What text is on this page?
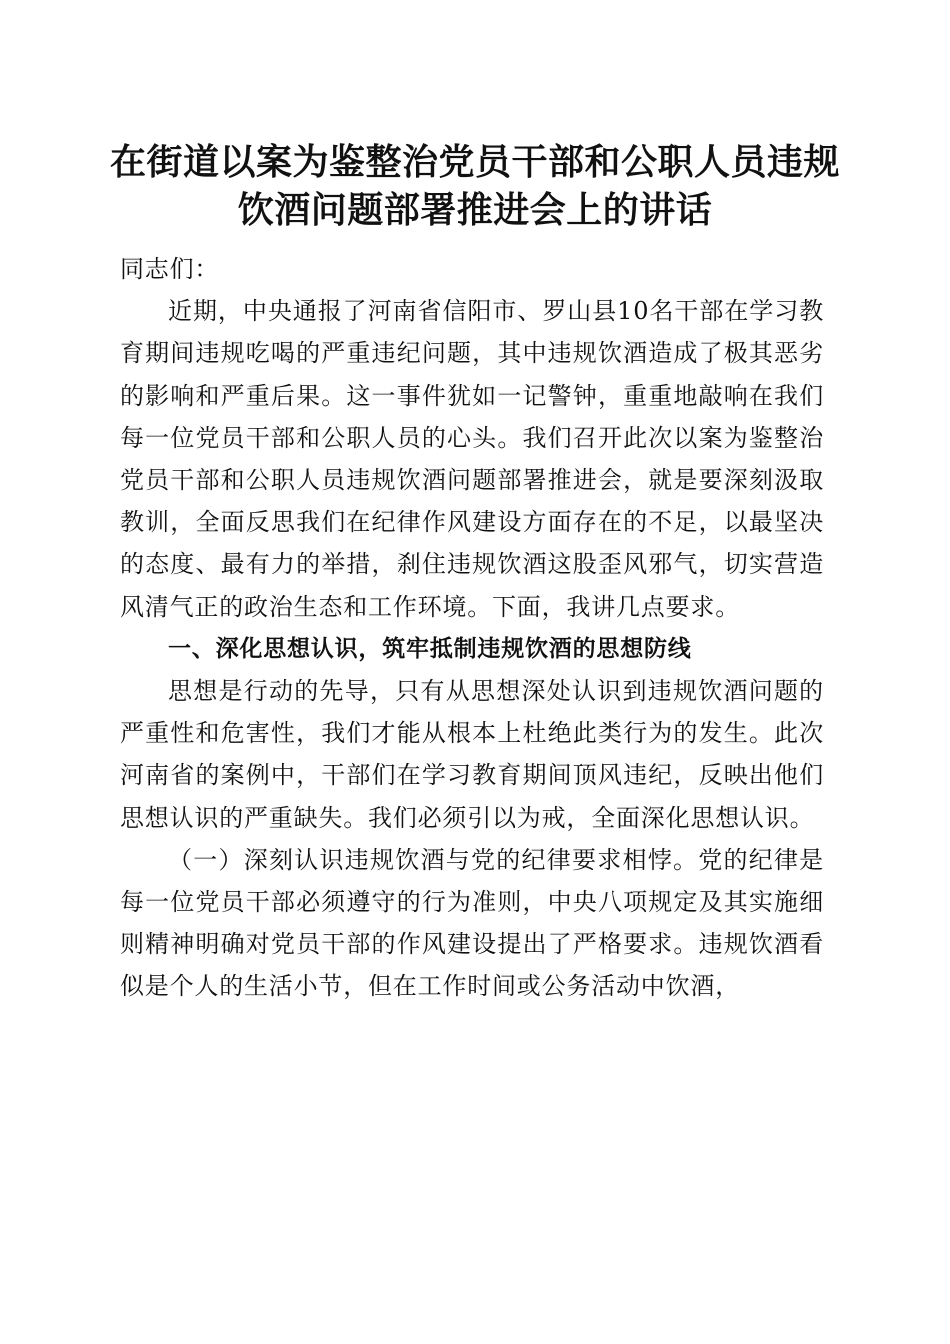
在街道以案为鉴整治党员干部和公职人员违规
饮酒问题部署推进会上的讲话

同志们：

近期，中央通报了河南省信阳市、罗山县10名干部在学习教育期间违规吃喝的严重违纪问题，其中违规饮酒造成了极其恶劣的影响和严重后果。这一事件犹如一记警钟，重重地敲响在我们每一位党员干部和公职人员的心头。我们召开此次以案为鉴整治党员干部和公职人员违规饮酒问题部署推进会，就是要深刻汲取教训，全面反思我们在纪律作风建设方面存在的不足，以最坚决的态度、最有力的举措，刹住违规饮酒这股歪风邪气，切实营造风清气正的政治生态和工作环境。下面，我讲几点要求。

一、深化思想认识，筑牢抵制违规饮酒的思想防线

思想是行动的先导，只有从思想深处认识到违规饮酒问题的严重性和危害性，我们才能从根本上杜绝此类行为的发生。此次河南省的案例中，干部们在学习教育期间顶风违纪，反映出他们思想认识的严重缺失。我们必须引以为戒，全面深化思想认识。

（一）深刻认识违规饮酒与党的纪律要求相悖。党的纪律是每一位党员干部必须遵守的行为准则，中央八项规定及其实施细则精神明确对党员干部的作风建设提出了严格要求。违规饮酒看似是个人的生活小节，但在工作时间或公务活动中饮酒，
